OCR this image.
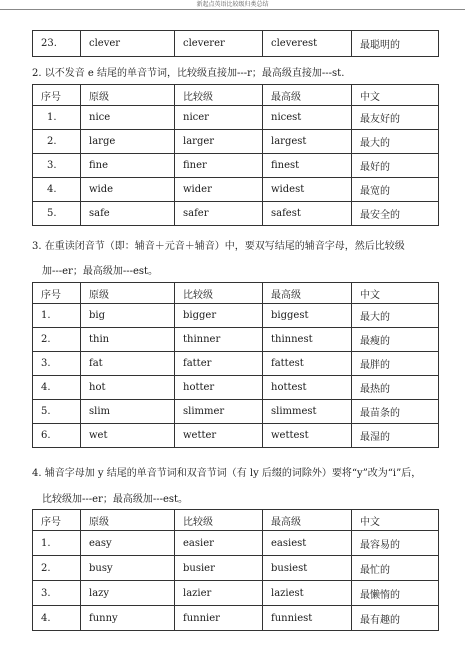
新起点英语比较级归类总结
23.	clever	cleverer	cleverest	最聪明的
2. 以不发音 e 结尾的单音节词，比较级直接加---r；最高级直接加---st.
序号	原级	比较级	最高级	中文
1.	nice	nicer	nicest	最友好的
2.	large	larger	largest	最大的
3.	fine	finer	finest	最好的
4.	wide	wider	widest	最宽的
5.	safe	safer	safest	最安全的
3. 在重读闭音节（即：辅音＋元音＋辅音）中，要双写结尾的辅音字母，然后比较级
加---er；最高级加---est。
序号	原级	比较级	最高级	中文
1.	big	bigger	biggest	最大的
2.	thin	thinner	thinnest	最瘦的
3.	fat	fatter	fattest	最胖的
4.	hot	hotter	hottest	最热的
5.	slim	slimmer	slimmest	最苗条的
6.	wet	wetter	wettest	最湿的
4. 辅音字母加 y 结尾的单音节词和双音节词（有 ly 后缀的词除外）要将“y”改为“i”后，
比较级加---er；最高级加---est。
序号	原级	比较级	最高级	中文
1.	easy	easier	easiest	最容易的
2.	busy	busier	busiest	最忙的
3.	lazy	lazier	laziest	最懒惰的
4.	funny	funnier	funniest	最有趣的
